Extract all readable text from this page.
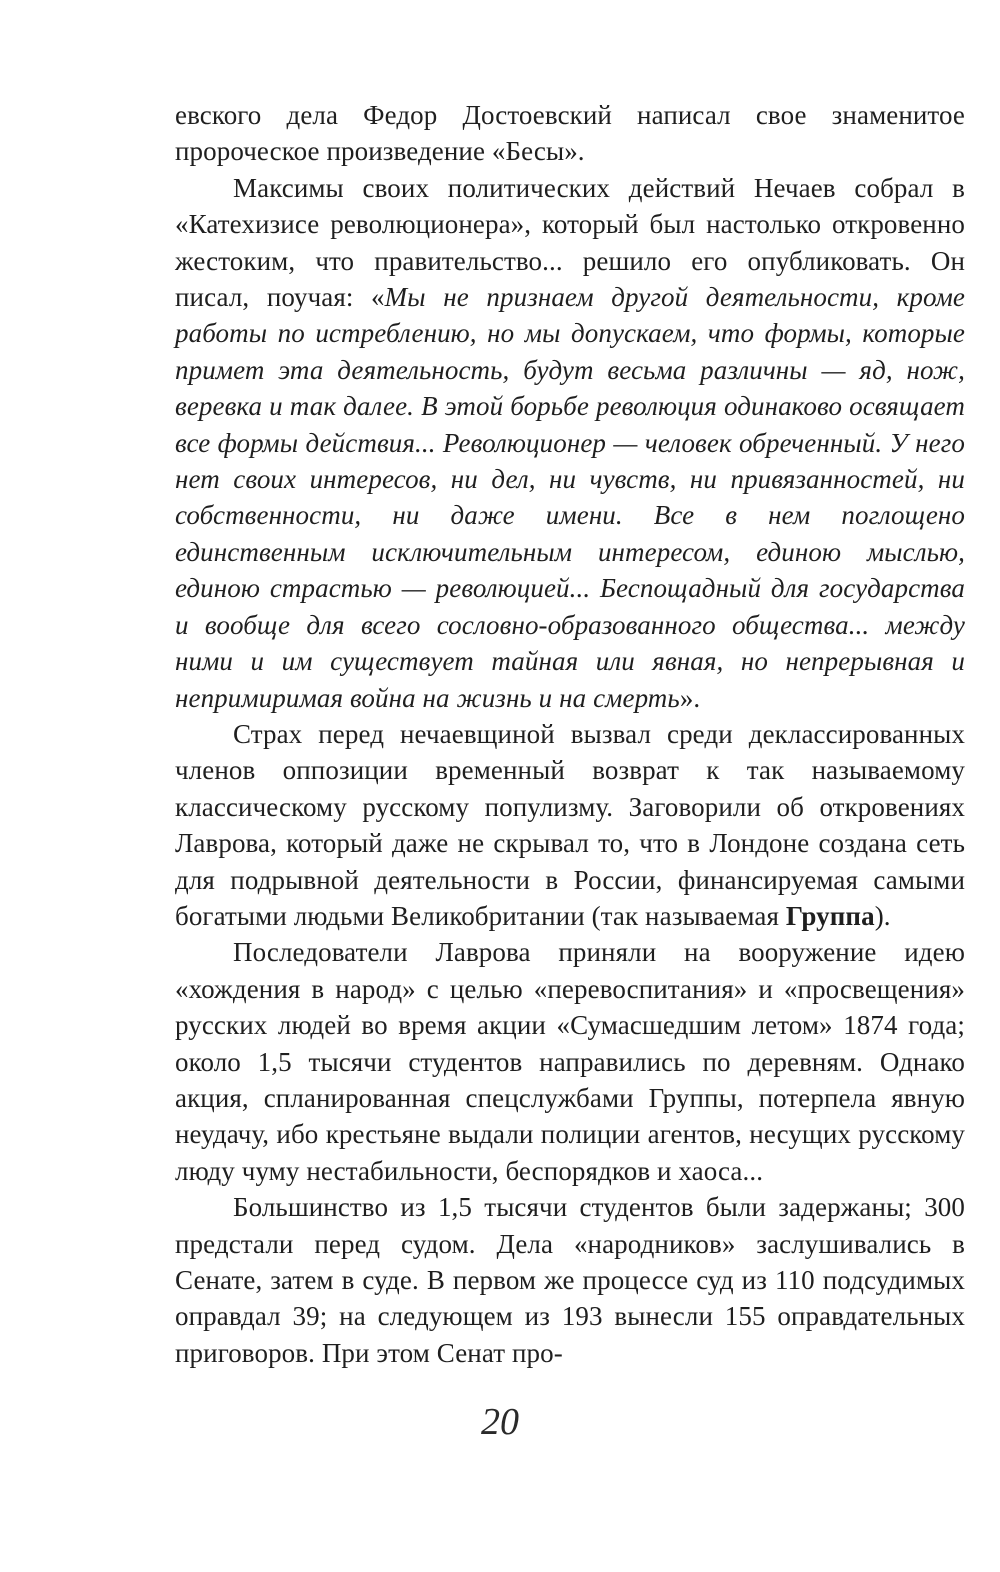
евского дела Федор Достоевский написал свое знаменитое пророческое произведение «Бесы».

Максимы своих политических действий Нечаев собрал в «Катехизисе революционера», который был настолько откровенно жестоким, что правительство... решило его опубликовать. Он писал, поучая: «Мы не признаем другой деятельности, кроме работы по истреблению, но мы допускаем, что формы, которые примет эта деятельность, будут весьма различны — яд, нож, веревка и так далее. В этой борьбе революция одинаково освящает все формы действия... Революционер — человек обреченный. У него нет своих интересов, ни дел, ни чувств, ни привязанностей, ни собственности, ни даже имени. Все в нем поглощено единственным исключительным интересом, единою мыслью, единою страстью — революцией... Беспощадный для государства и вообще для всего сословно-образованного общества... между ними и им существует тайная или явная, но непрерывная и непримиримая война на жизнь и на смерть».

Страх перед нечаевщиной вызвал среди деклассированных членов оппозиции временный возврат к так называемому классическому русскому популизму. Заговорили об откровениях Лаврова, который даже не скрывал то, что в Лондоне создана сеть для подрывной деятельности в России, финансируемая самыми богатыми людьми Великобритании (так называемая Группа).

Последователи Лаврова приняли на вооружение идею «хождения в народ» с целью «перевоспитания» и «просвещения» русских людей во время акции «Сумасшедшим летом» 1874 года; около 1,5 тысячи студентов направились по деревням. Однако акция, спланированная спецслужбами Группы, потерпела явную неудачу, ибо крестьяне выдали полиции агентов, несущих русскому люду чуму нестабильности, беспорядков и хаоса...

Большинство из 1,5 тысячи студентов были задержаны; 300 предстали перед судом. Дела «народников» заслушивались в Сенате, затем в суде. В первом же процессе суд из 110 подсудимых оправдал 39; на следующем из 193 вынесли 155 оправдательных приговоров. При этом Сенат про-

20
